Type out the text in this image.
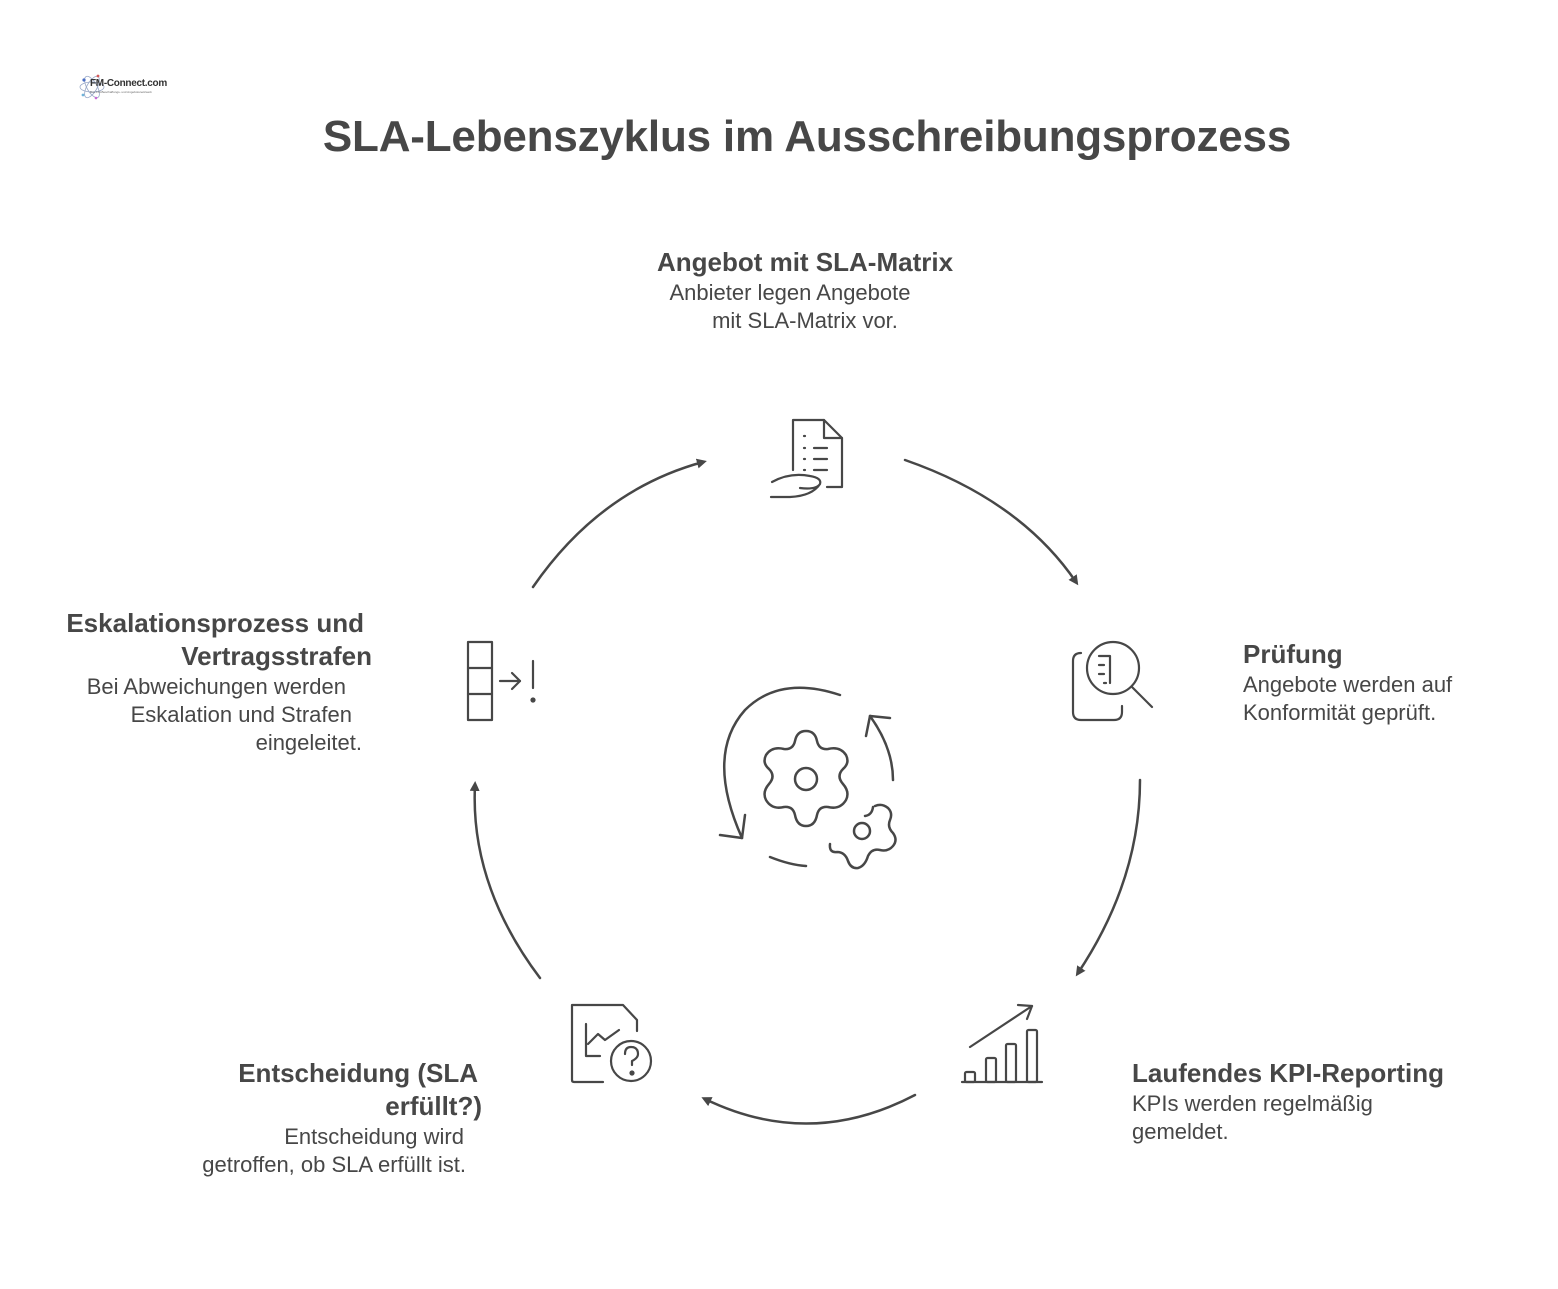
FM-Connect.com
Das FM-Beschaffungs- und Angebotsnetzwerk
SLA-Lebenszyklus im Ausschreibungsprozess
Angebot mit SLA-Matrix
Anbieter legen Angebote
mit SLA-Matrix vor.
Prüfung
Angebote werden auf
Konformität geprüft.
Laufendes KPI-Reporting
KPIs werden regelmäßig
gemeldet.
Entscheidung (SLA
erfüllt?)
Entscheidung wird
getroffen, ob SLA erfüllt ist.
Eskalationsprozess und
Vertragsstrafen
Bei Abweichungen werden
Eskalation und Strafen
eingeleitet.
